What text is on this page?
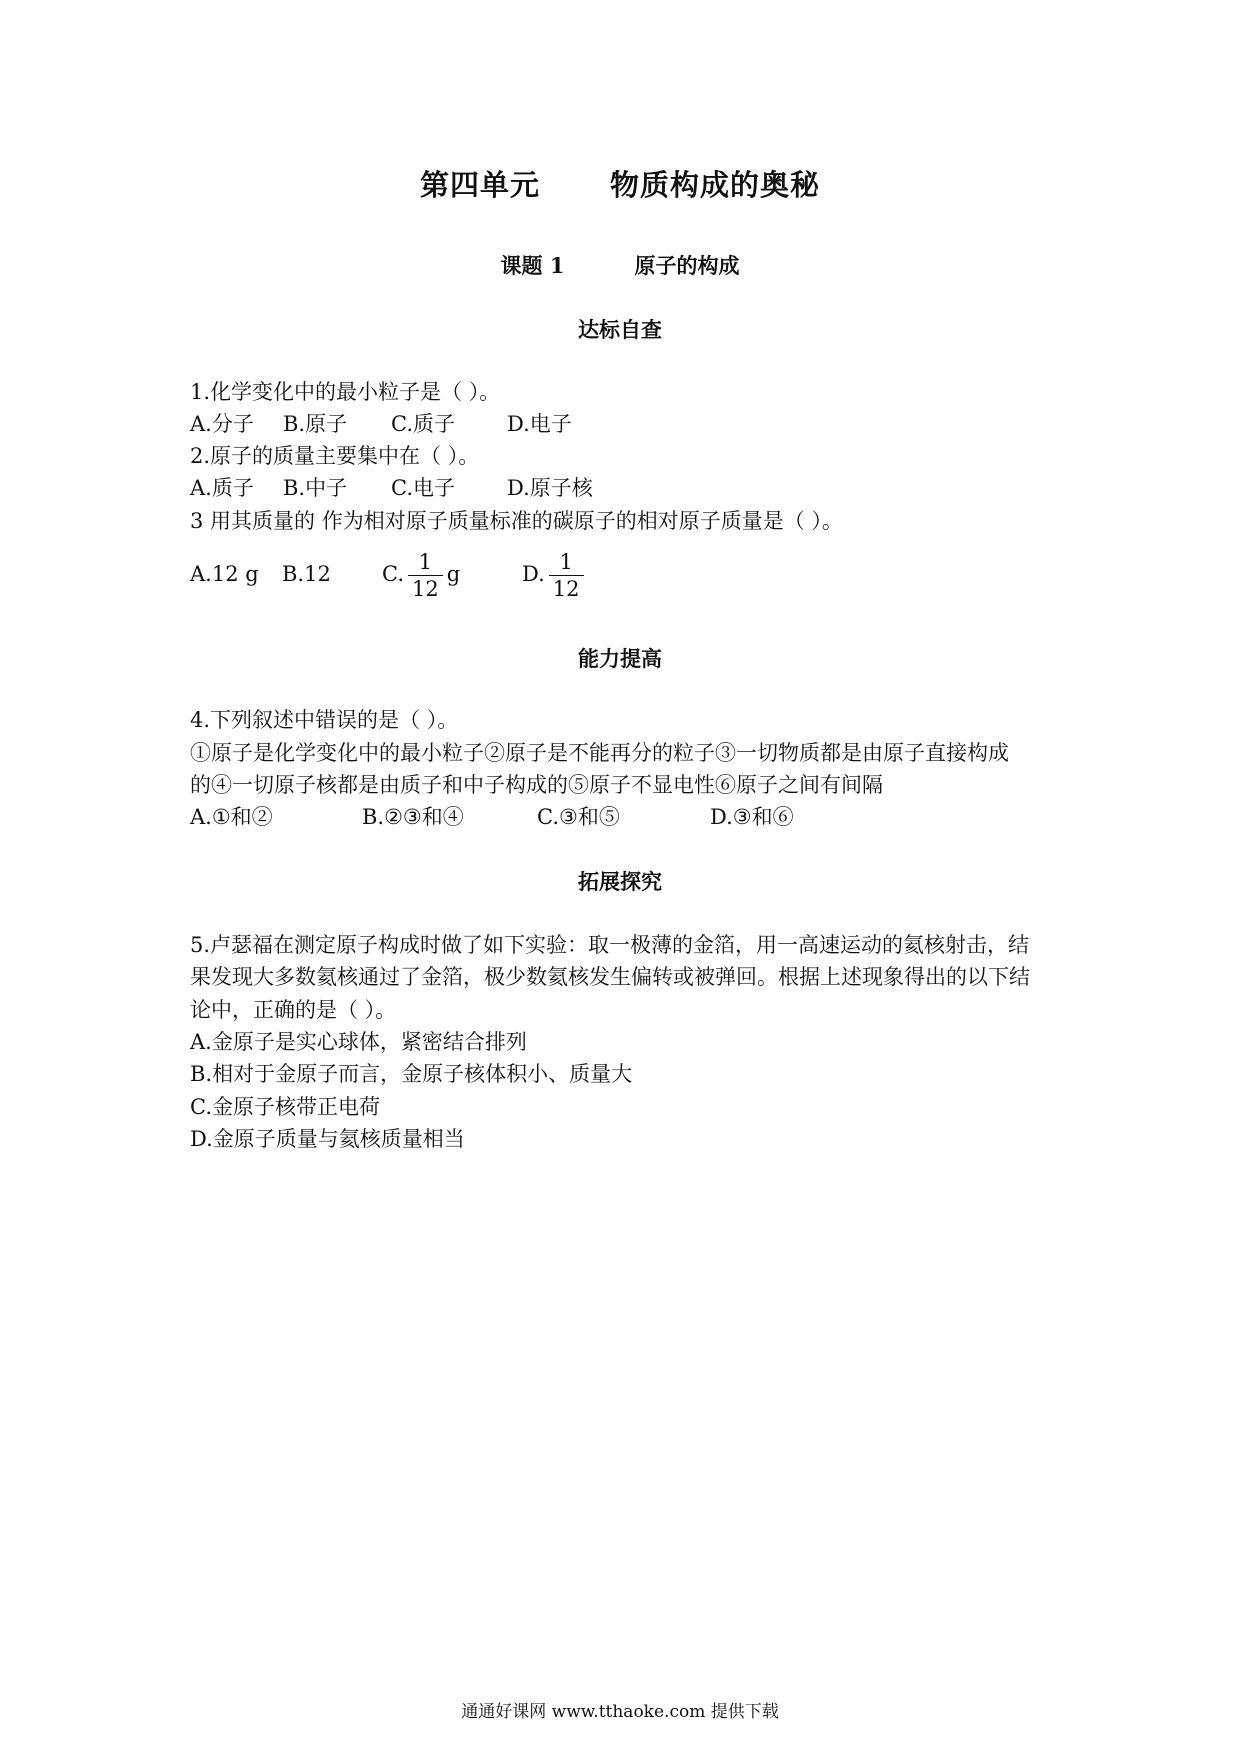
第四单元 物质构成的奥秘
课题 1	原子的构成
达标自查
1.化学变化中的最小粒子是（ ）。
A.分子 B.原子 C.质子 D.电子
2.原子的质量主要集中在（ ）。
A.质子 B.中子 C.电子 D.原子核
3 用其质量的 作为相对原子质量标准的碳原子的相对原子质量是（ ）。
A.12 g B.12 C. $\frac{1}{12}$ g	D. $\frac{1}{12}$
能力提高
4.下列叙述中错误的是（ ）。
①原子是化学变化中的最小粒子②原子是不能再分的粒子③一切物质都是由原子直接构成
的④一切原子核都是由质子和中子构成的⑤原子不显电性⑥原子之间有间隔
A.①和②	B.②③和④	C.③和⑤	D.③和⑥
拓展探究
5.卢瑟福在测定原子构成时做了如下实验：取一极薄的金箔，用一高速运动的氦核射击，结
果发现大多数氦核通过了金箔，极少数氦核发生偏转或被弹回。根据上述现象得出的以下结
论中，正确的是（ ）。
A.金原子是实心球体，紧密结合排列
B.相对于金原子而言，金原子核体积小、质量大
C.金原子核带正电荷
D.金原子质量与氦核质量相当
通通好课网 www.tthaoke.com 提供下载
